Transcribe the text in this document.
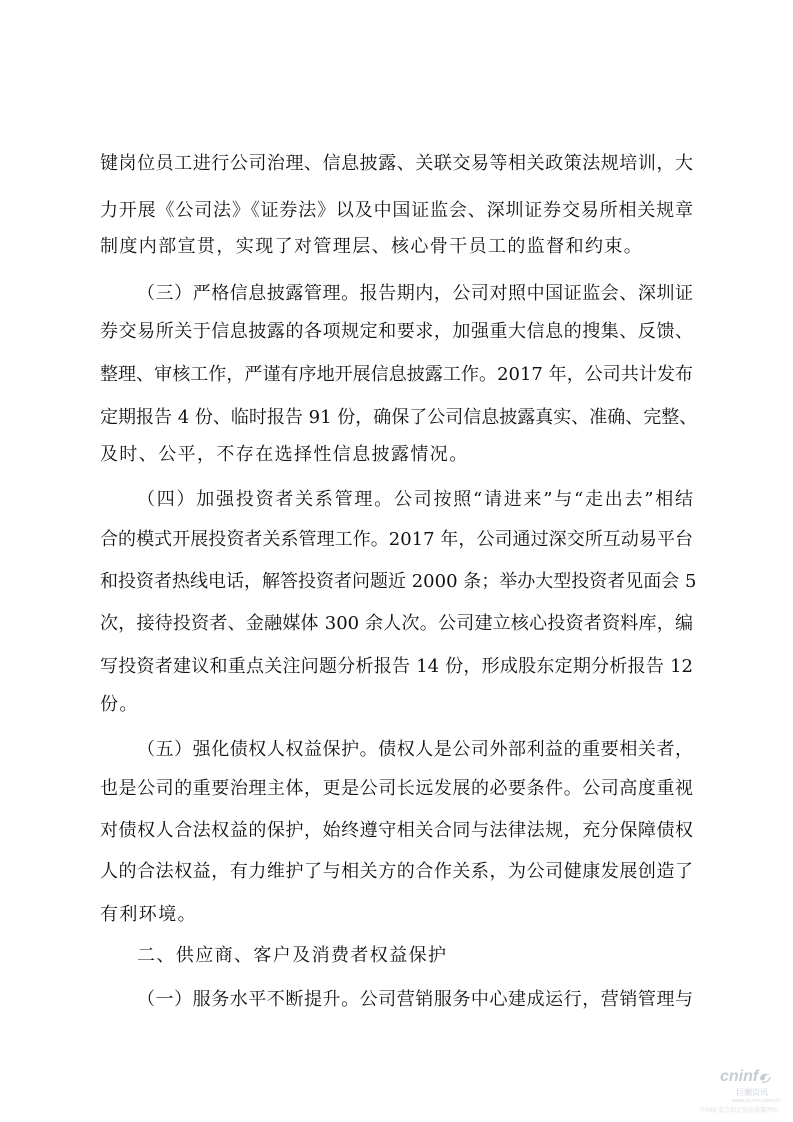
键岗位员工进行公司治理、信息披露、关联交易等相关政策法规培训，大
力开展《公司法》《证券法》以及中国证监会、深圳证券交易所相关规章
制度内部宣贯，实现了对管理层、核心骨干员工的监督和约束。
（三）严格信息披露管理。报告期内，公司对照中国证监会、深圳证
券交易所关于信息披露的各项规定和要求，加强重大信息的搜集、反馈、
整理、审核工作，严谨有序地开展信息披露工作。2017 年，公司共计发布
定期报告 4 份、临时报告 91 份，确保了公司信息披露真实、准确、完整、
及时、公平，不存在选择性信息披露情况。
（四）加强投资者关系管理。公司按照“请进来”与“走出去”相结
合的模式开展投资者关系管理工作。2017 年，公司通过深交所互动易平台
和投资者热线电话，解答投资者问题近 2000 条；举办大型投资者见面会 5
次，接待投资者、金融媒体 300 余人次。公司建立核心投资者资料库，编
写投资者建议和重点关注问题分析报告 14 份，形成股东定期分析报告 12
份。
（五）强化债权人权益保护。债权人是公司外部利益的重要相关者，
也是公司的重要治理主体，更是公司长远发展的必要条件。公司高度重视
对债权人合法权益的保护，始终遵守相关合同与法律法规，充分保障债权
人的合法权益，有力维护了与相关方的合作关系，为公司健康发展创造了
有利环境。
二、供应商、客户及消费者权益保护
（一）服务水平不断提升。公司营销服务中心建成运行，营销管理与
cninf
巨潮资讯
www.cninfo.com.cn
中国证监会指定信息披露网站
